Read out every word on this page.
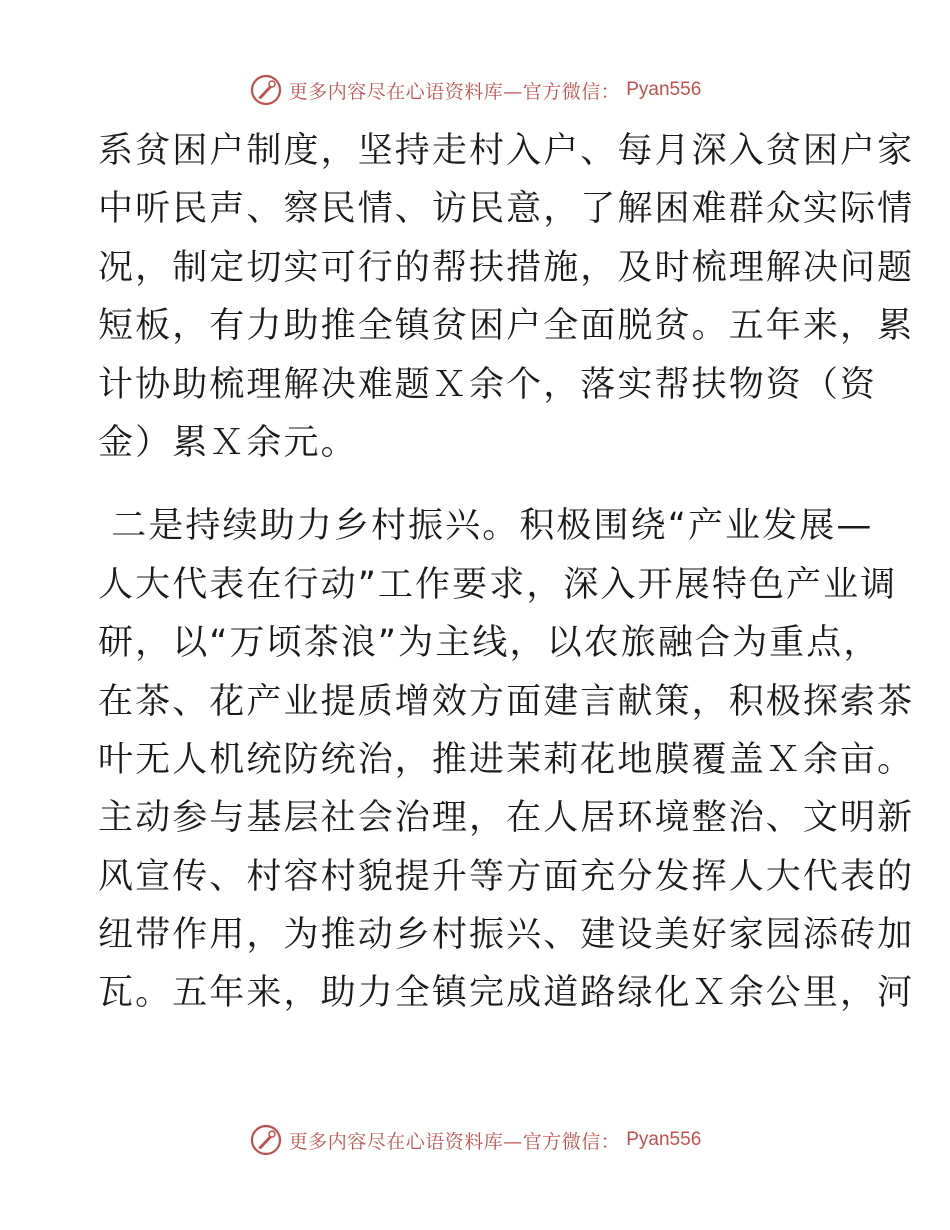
更多内容尽在心语资料库—官方微信： Pyan556
系贫困户制度，坚持走村入户、每月深入贫困户家
中听民声、察民情、访民意，了解困难群众实际情
况，制定切实可行的帮扶措施，及时梳理解决问题
短板，有力助推全镇贫困户全面脱贫。五年来，累
计协助梳理解决难题Ｘ余个，落实帮扶物资（资
金）累Ｘ余元。
二是持续助力乡村振兴。积极围绕“产业发展—
人大代表在行动”工作要求，深入开展特色产业调
研，以“万顷茶浪”为主线，以农旅融合为重点，
在茶、花产业提质增效方面建言献策，积极探索茶
叶无人机统防统治，推进茉莉花地膜覆盖Ｘ余亩。
主动参与基层社会治理，在人居环境整治、文明新
风宣传、村容村貌提升等方面充分发挥人大代表的
纽带作用，为推动乡村振兴、建设美好家园添砖加
瓦。五年来，助力全镇完成道路绿化Ｘ余公里，河
更多内容尽在心语资料库—官方微信： Pyan556
